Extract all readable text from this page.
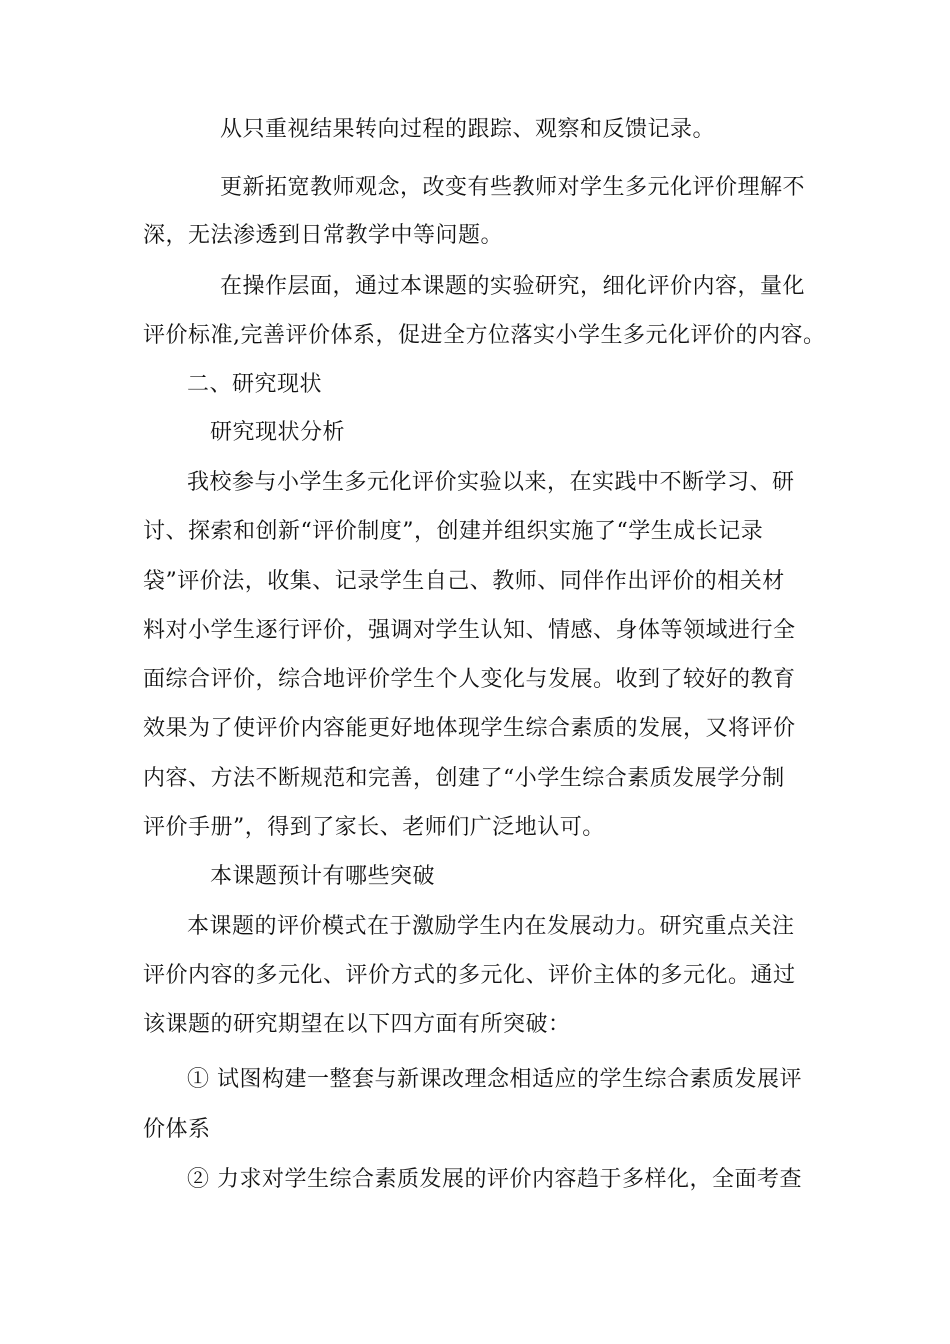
从只重视结果转向过程的跟踪、观察和反馈记录。
更新拓宽教师观念，改变有些教师对学生多元化评价理解不
深，无法渗透到日常教学中等问题。
在操作层面，通过本课题的实验研究，细化评价内容，量化
评价标准,完善评价体系，促进全方位落实小学生多元化评价的内容。
二、研究现状
研究现状分析
我校参与小学生多元化评价实验以来，在实践中不断学习、研
讨、探索和创新“评价制度”，创建并组织实施了“学生成长记录
袋”评价法，收集、记录学生自己、教师、同伴作出评价的相关材
料对小学生逐行评价，强调对学生认知、情感、身体等领域进行全
面综合评价，综合地评价学生个人变化与发展。收到了较好的教育
效果为了使评价内容能更好地体现学生综合素质的发展，又将评价
内容、方法不断规范和完善，创建了“小学生综合素质发展学分制
评价手册”，得到了家长、老师们广泛地认可。
本课题预计有哪些突破
本课题的评价模式在于激励学生内在发展动力。研究重点关注
评价内容的多元化、评价方式的多元化、评价主体的多元化。通过
该课题的研究期望在以下四方面有所突破：
① 试图构建一整套与新课改理念相适应的学生综合素质发展评
价体系
② 力求对学生综合素质发展的评价内容趋于多样化，全面考查
